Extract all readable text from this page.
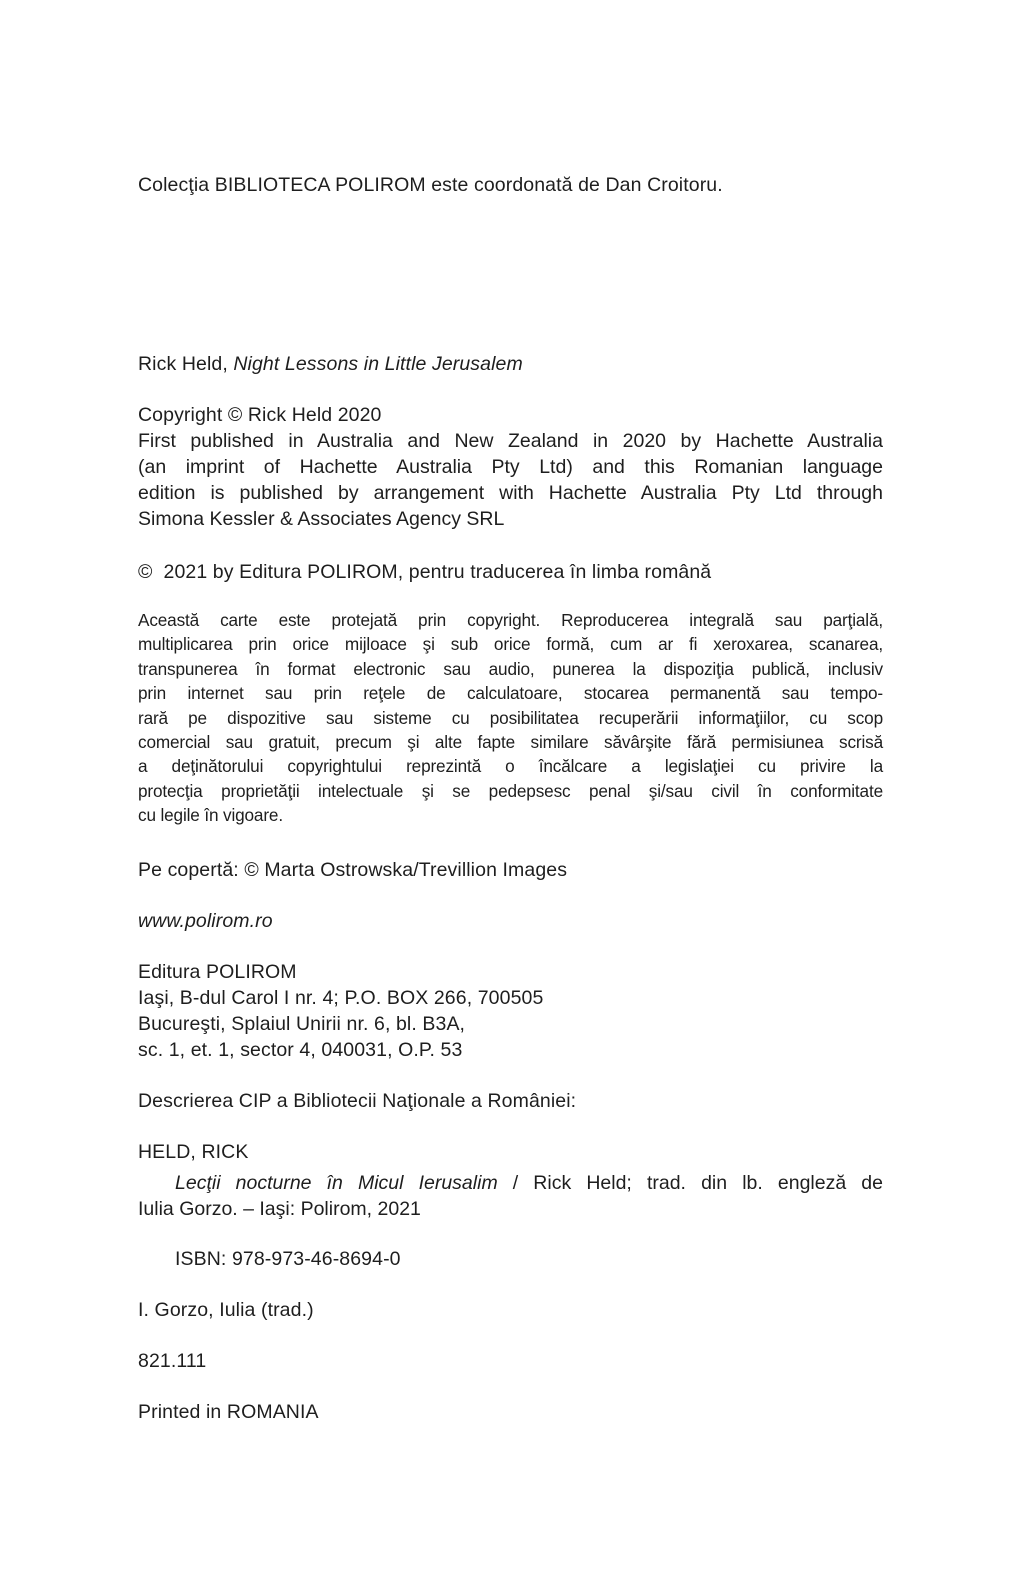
Colecţia BIBLIOTECA POLIROM este coordonată de Dan Croitoru.
Rick Held, Night Lessons in Little Jerusalem
Copyright © Rick Held 2020
First published in Australia and New Zealand in 2020 by Hachette Australia
(an imprint of Hachette Australia Pty Ltd) and this Romanian language
edition is published by arrangement with Hachette Australia Pty Ltd through
Simona Kessler & Associates Agency SRL
©  2021 by Editura POLIROM, pentru traducerea în limba română
Această carte este protejată prin copyright. Reproducerea integrală sau parţială,
multiplicarea prin orice mijloace şi sub orice formă, cum ar fi xeroxarea, scanarea,
transpunerea în format electronic sau audio, punerea la dispoziţia publică, inclusiv
prin internet sau prin reţele de calculatoare, stocarea permanentă sau tempo-
rară pe dispozitive sau sisteme cu posibilitatea recuperării informaţiilor, cu scop
comercial sau gratuit, precum şi alte fapte similare săvârşite fără permisiunea scrisă
a deţinătorului copyrightului reprezintă o încălcare a legislaţiei cu privire la
protecţia proprietăţii intelectuale şi se pedepsesc penal şi/sau civil în conformitate
cu legile în vigoare.
Pe copertă: © Marta Ostrowska/Trevillion Images
www.polirom.ro
Editura POLIROM
Iaşi, B-dul Carol I nr. 4; P.O. BOX 266, 700505
Bucureşti, Splaiul Unirii nr. 6, bl. B3A,
sc. 1, et. 1, sector 4, 040031, O.P. 53
Descrierea CIP a Bibliotecii Naţionale a României:
HELD, RICK
Lecţii nocturne în Micul Ierusalim / Rick Held; trad. din lb. engleză de
Iulia Gorzo. – Iaşi: Polirom, 2021
ISBN: 978-973-46-8694-0
I. Gorzo, Iulia (trad.)
821.111
Printed in ROMANIA
